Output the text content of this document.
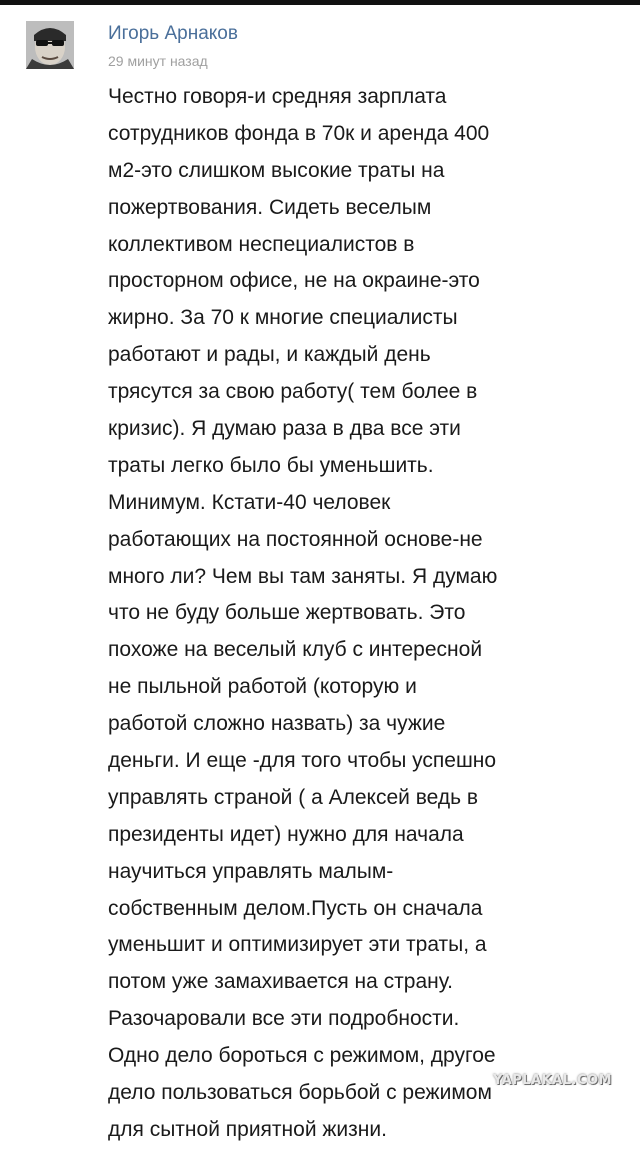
Игорь Арнаков
29 минут назад
Честно говоря-и средняя зарплата
сотрудников фонда в 70к и аренда 400
м2-это слишком высокие траты на
пожертвования. Сидеть веселым
коллективом неспециалистов в
просторном офисе, не на окраине-это
жирно. За 70 к многие специалисты
работают и рады, и каждый день
трясутся за свою работу( тем более в
кризис). Я думаю раза в два все эти
траты легко было бы уменьшить.
Минимум. Кстати-40 человек
работающих на постоянной основе-не
много ли? Чем вы там заняты. Я думаю
что не буду больше жертвовать. Это
похоже на веселый клуб с интересной
не пыльной работой (которую и
работой сложно назвать) за чужие
деньги. И еще -для того чтобы успешно
управлять страной ( а Алексей ведь в
президенты идет) нужно для начала
научиться управлять малым-
собственным делом.Пусть он сначала
уменьшит и оптимизирует эти траты, а
потом уже замахивается на страну.
Разочаровали все эти подробности.
Одно дело бороться с режимом, другое
дело пользоваться борьбой с режимом
для сытной приятной жизни.
YAPLAKAL.COM
